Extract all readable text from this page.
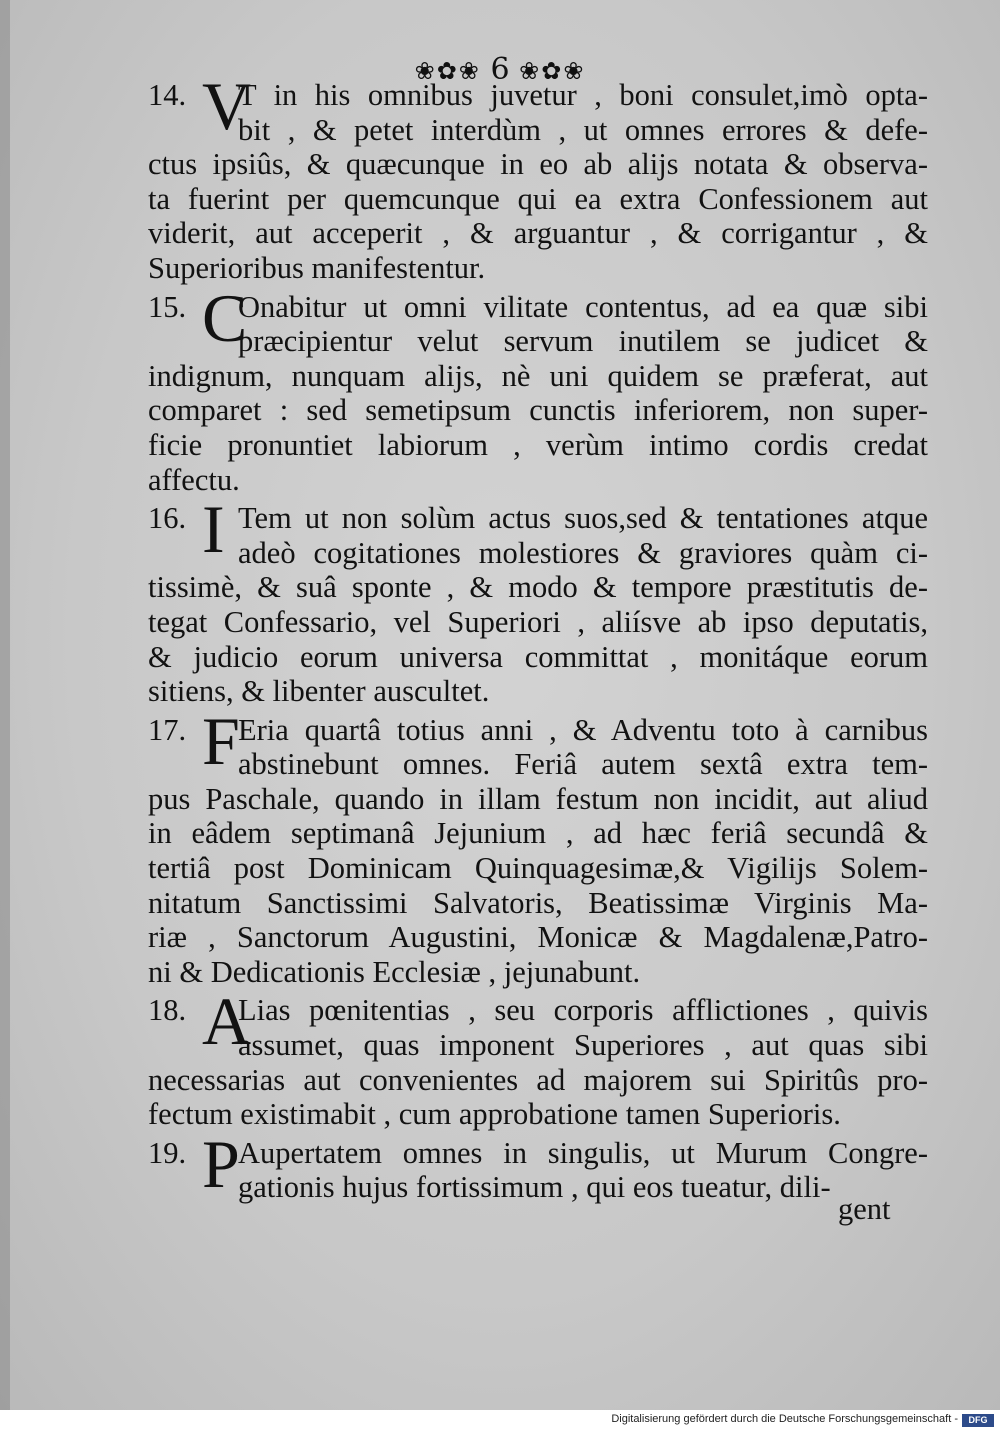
❀✿❀ 6 ❀✿❀
14. V
T in his omnibus juvetur , boni consulet,imò opta-
bit , & petet interdùm , ut omnes errores & defe-
ctus ipsiûs, & quæcunque in eo ab alijs notata & observa-
ta fuerint per quemcunque qui ea extra Confessionem aut
viderit, aut acceperit , & arguantur , & corrigantur , &
Superioribus manifestentur.
15. C
Onabitur ut omni vilitate contentus, ad ea quæ sibi
præcipientur velut servum inutilem se judicet &
indignum, nunquam alijs, nè uni quidem se præferat, aut
comparet : sed semetipsum cunctis inferiorem, non super-
ficie pronuntiet labiorum , verùm intimo cordis credat
affectu.
16. I Tem ut non solùm actus suos,sed & tentationes atque
adeò cogitationes molestiores & graviores quàm ci-
tissimè, & suâ sponte , & modo & tempore præstitutis de-
tegat Confessario, vel Superiori , aliísve ab ipso deputatis,
& judicio eorum universa committat , monitáque eorum
sitiens, & libenter auscultet.
17. F
Eria quartâ totius anni , & Adventu toto à carnibus
abstinebunt omnes. Feriâ autem sextâ extra tem-
pus Paschale, quando in illam festum non incidit, aut aliud
in eâdem septimanâ Jejunium , ad hæc feriâ secundâ &
tertiâ post Dominicam Quinquagesimæ,& Vigilijs Solem-
nitatum Sanctissimi Salvatoris, Beatissimæ Virginis Ma-
riæ , Sanctorum Augustini, Monicæ & Magdalenæ,Patro-
ni & Dedicationis Ecclesiæ , jejunabunt.
18. A
Lias pœnitentias , seu corporis afflictiones , quivis
assumet, quas imponent Superiores , aut quas sibi
necessarias aut convenientes ad majorem sui Spiritûs pro-
fectum existimabit , cum approbatione tamen Superioris.
19. P
Aupertatem omnes in singulis, ut Murum Congre-
gationis hujus fortissimum , qui eos tueatur, dili-
gent
Digitalisierung gefördert durch die Deutsche Forschungsgemeinschaft -	DFG
